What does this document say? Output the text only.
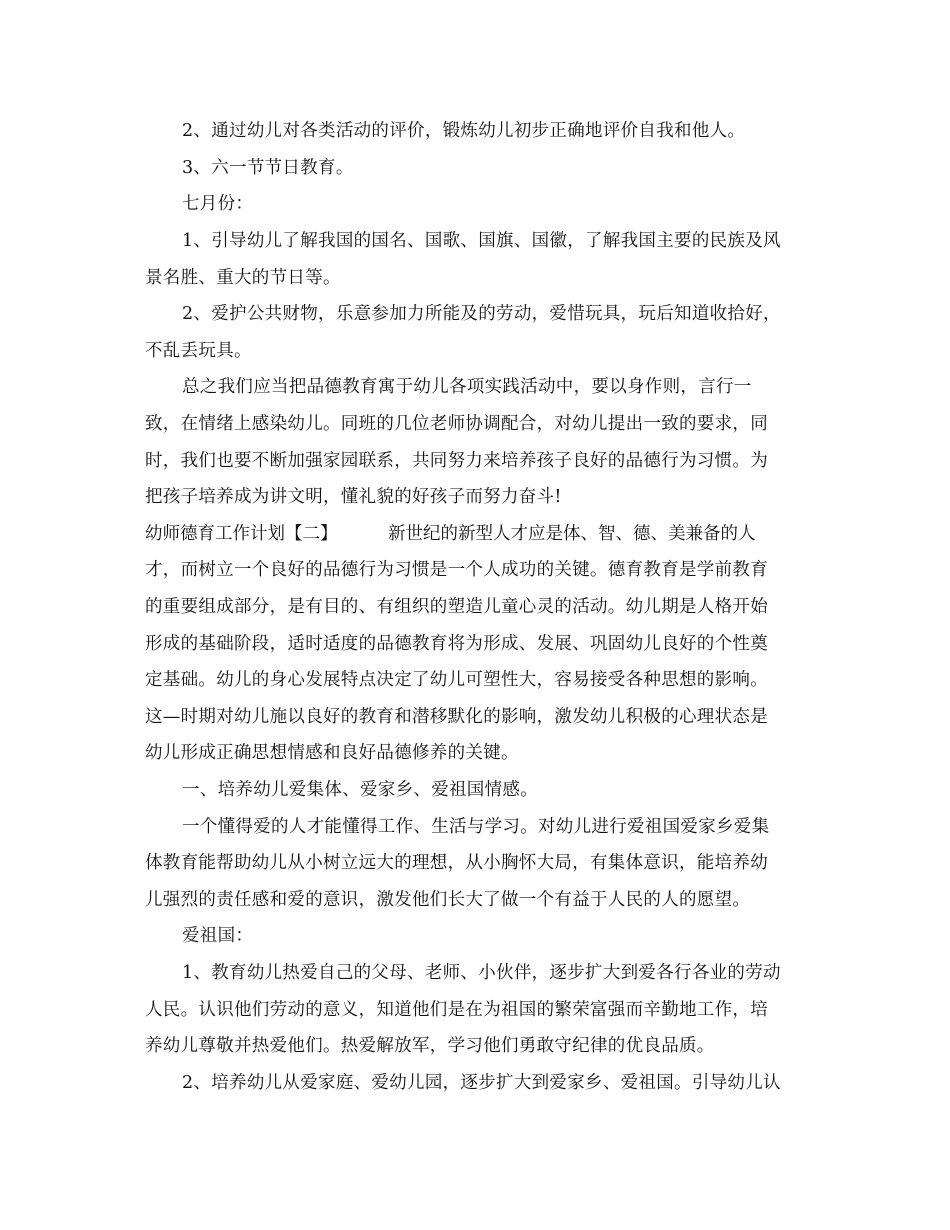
2、通过幼儿对各类活动的评价，锻炼幼儿初步正确地评价自我和他人。
3、六一节节日教育。
七月份：
1、引导幼儿了解我国的国名、国歌、国旗、国徽，了解我国主要的民族及风
景名胜、重大的节日等。
2、爱护公共财物，乐意参加力所能及的劳动，爱惜玩具，玩后知道收拾好，
不乱丢玩具。
总之我们应当把品德教育寓于幼儿各项实践活动中，要以身作则，言行一
致，在情绪上感染幼儿。同班的几位老师协调配合，对幼儿提出一致的要求，同
时，我们也要不断加强家园联系，共同努力来培养孩子良好的品德行为习惯。为
把孩子培养成为讲文明，懂礼貌的好孩子而努力奋斗!
幼师德育工作计划【二】	新世纪的新型人才应是体、智、德、美兼备的人
才，而树立一个良好的品德行为习惯是一个人成功的关键。德育教育是学前教育
的重要组成部分，是有目的、有组织的塑造儿童心灵的活动。幼儿期是人格开始
形成的基础阶段，适时适度的品德教育将为形成、发展、巩固幼儿良好的个性奠
定基础。幼儿的身心发展特点决定了幼儿可塑性大，容易接受各种思想的影响。
这—时期对幼儿施以良好的教育和潜移默化的影响，激发幼儿积极的心理状态是
幼儿形成正确思想情感和良好品德修养的关键。
一、培养幼儿爱集体、爱家乡、爱祖国情感。
一个懂得爱的人才能懂得工作、生活与学习。对幼儿进行爱祖国爱家乡爱集
体教育能帮助幼儿从小树立远大的理想，从小胸怀大局，有集体意识，能培养幼
儿强烈的责任感和爱的意识，激发他们长大了做一个有益于人民的人的愿望。
爱祖国：
1、教育幼儿热爱自己的父母、老师、小伙伴，逐步扩大到爱各行各业的劳动
人民。认识他们劳动的意义，知道他们是在为祖国的繁荣富强而辛勤地工作，培
养幼儿尊敬并热爱他们。热爱解放军，学习他们勇敢守纪律的优良品质。
2、培养幼儿从爱家庭、爱幼儿园，逐步扩大到爱家乡、爱祖国。引导幼儿认
